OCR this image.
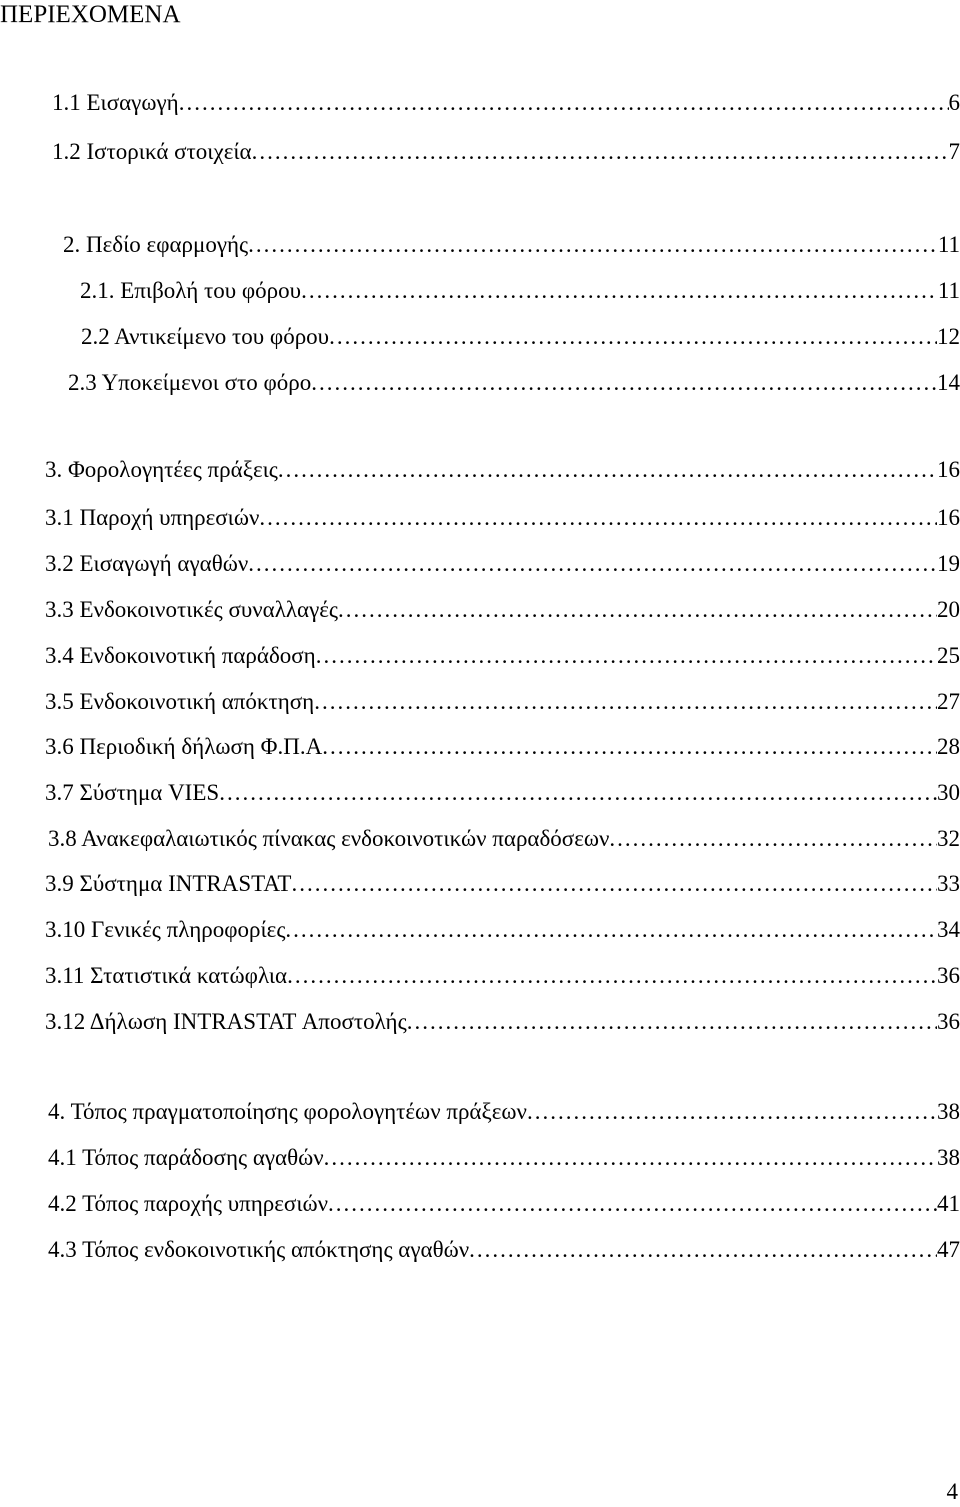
ΠΕΡΙΕΧΟΜΕΝΑ
1.1 Εισαγωγή .....	6
1.2 Ιστορικά στοιχεία .....	7
2. Πεδίο εφαρμογής .....	11
2.1. Επιβολή του φόρου .....	11
2.2 Αντικείμενο του φόρου .....	12
2.3 Υποκείμενοι στο φόρο .....	14
3. Φορολογητέες πράξεις .....	16
3.1 Παροχή υπηρεσιών .....	16
3.2 Εισαγωγή αγαθών .....	19
3.3 Ενδοκοινοτικές συναλλαγές .....	20
3.4 Ενδοκοινοτική παράδοση .....	25
3.5 Ενδοκοινοτική απόκτηση .....	27
3.6 Περιοδική δήλωση Φ.Π.Α .....	28
3.7 Σύστημα VIES .....	30
3.8 Ανακεφαλαιωτικός πίνακας ενδοκοινοτικών παραδόσεων .....	32
3.9 Σύστημα INTRASTAT .....	33
3.10 Γενικές πληροφορίες .....	34
3.11 Στατιστικά κατώφλια .....	36
3.12 Δήλωση INTRASTAT Αποστολής .....	36
4. Τόπος πραγματοποίησης φορολογητέων πράξεων .....	38
4.1 Τόπος παράδοσης αγαθών .....	38
4.2 Τόπος παροχής υπηρεσιών .....	41
4.3 Τόπος ενδοκοινοτικής απόκτησης αγαθών .....	47
4
